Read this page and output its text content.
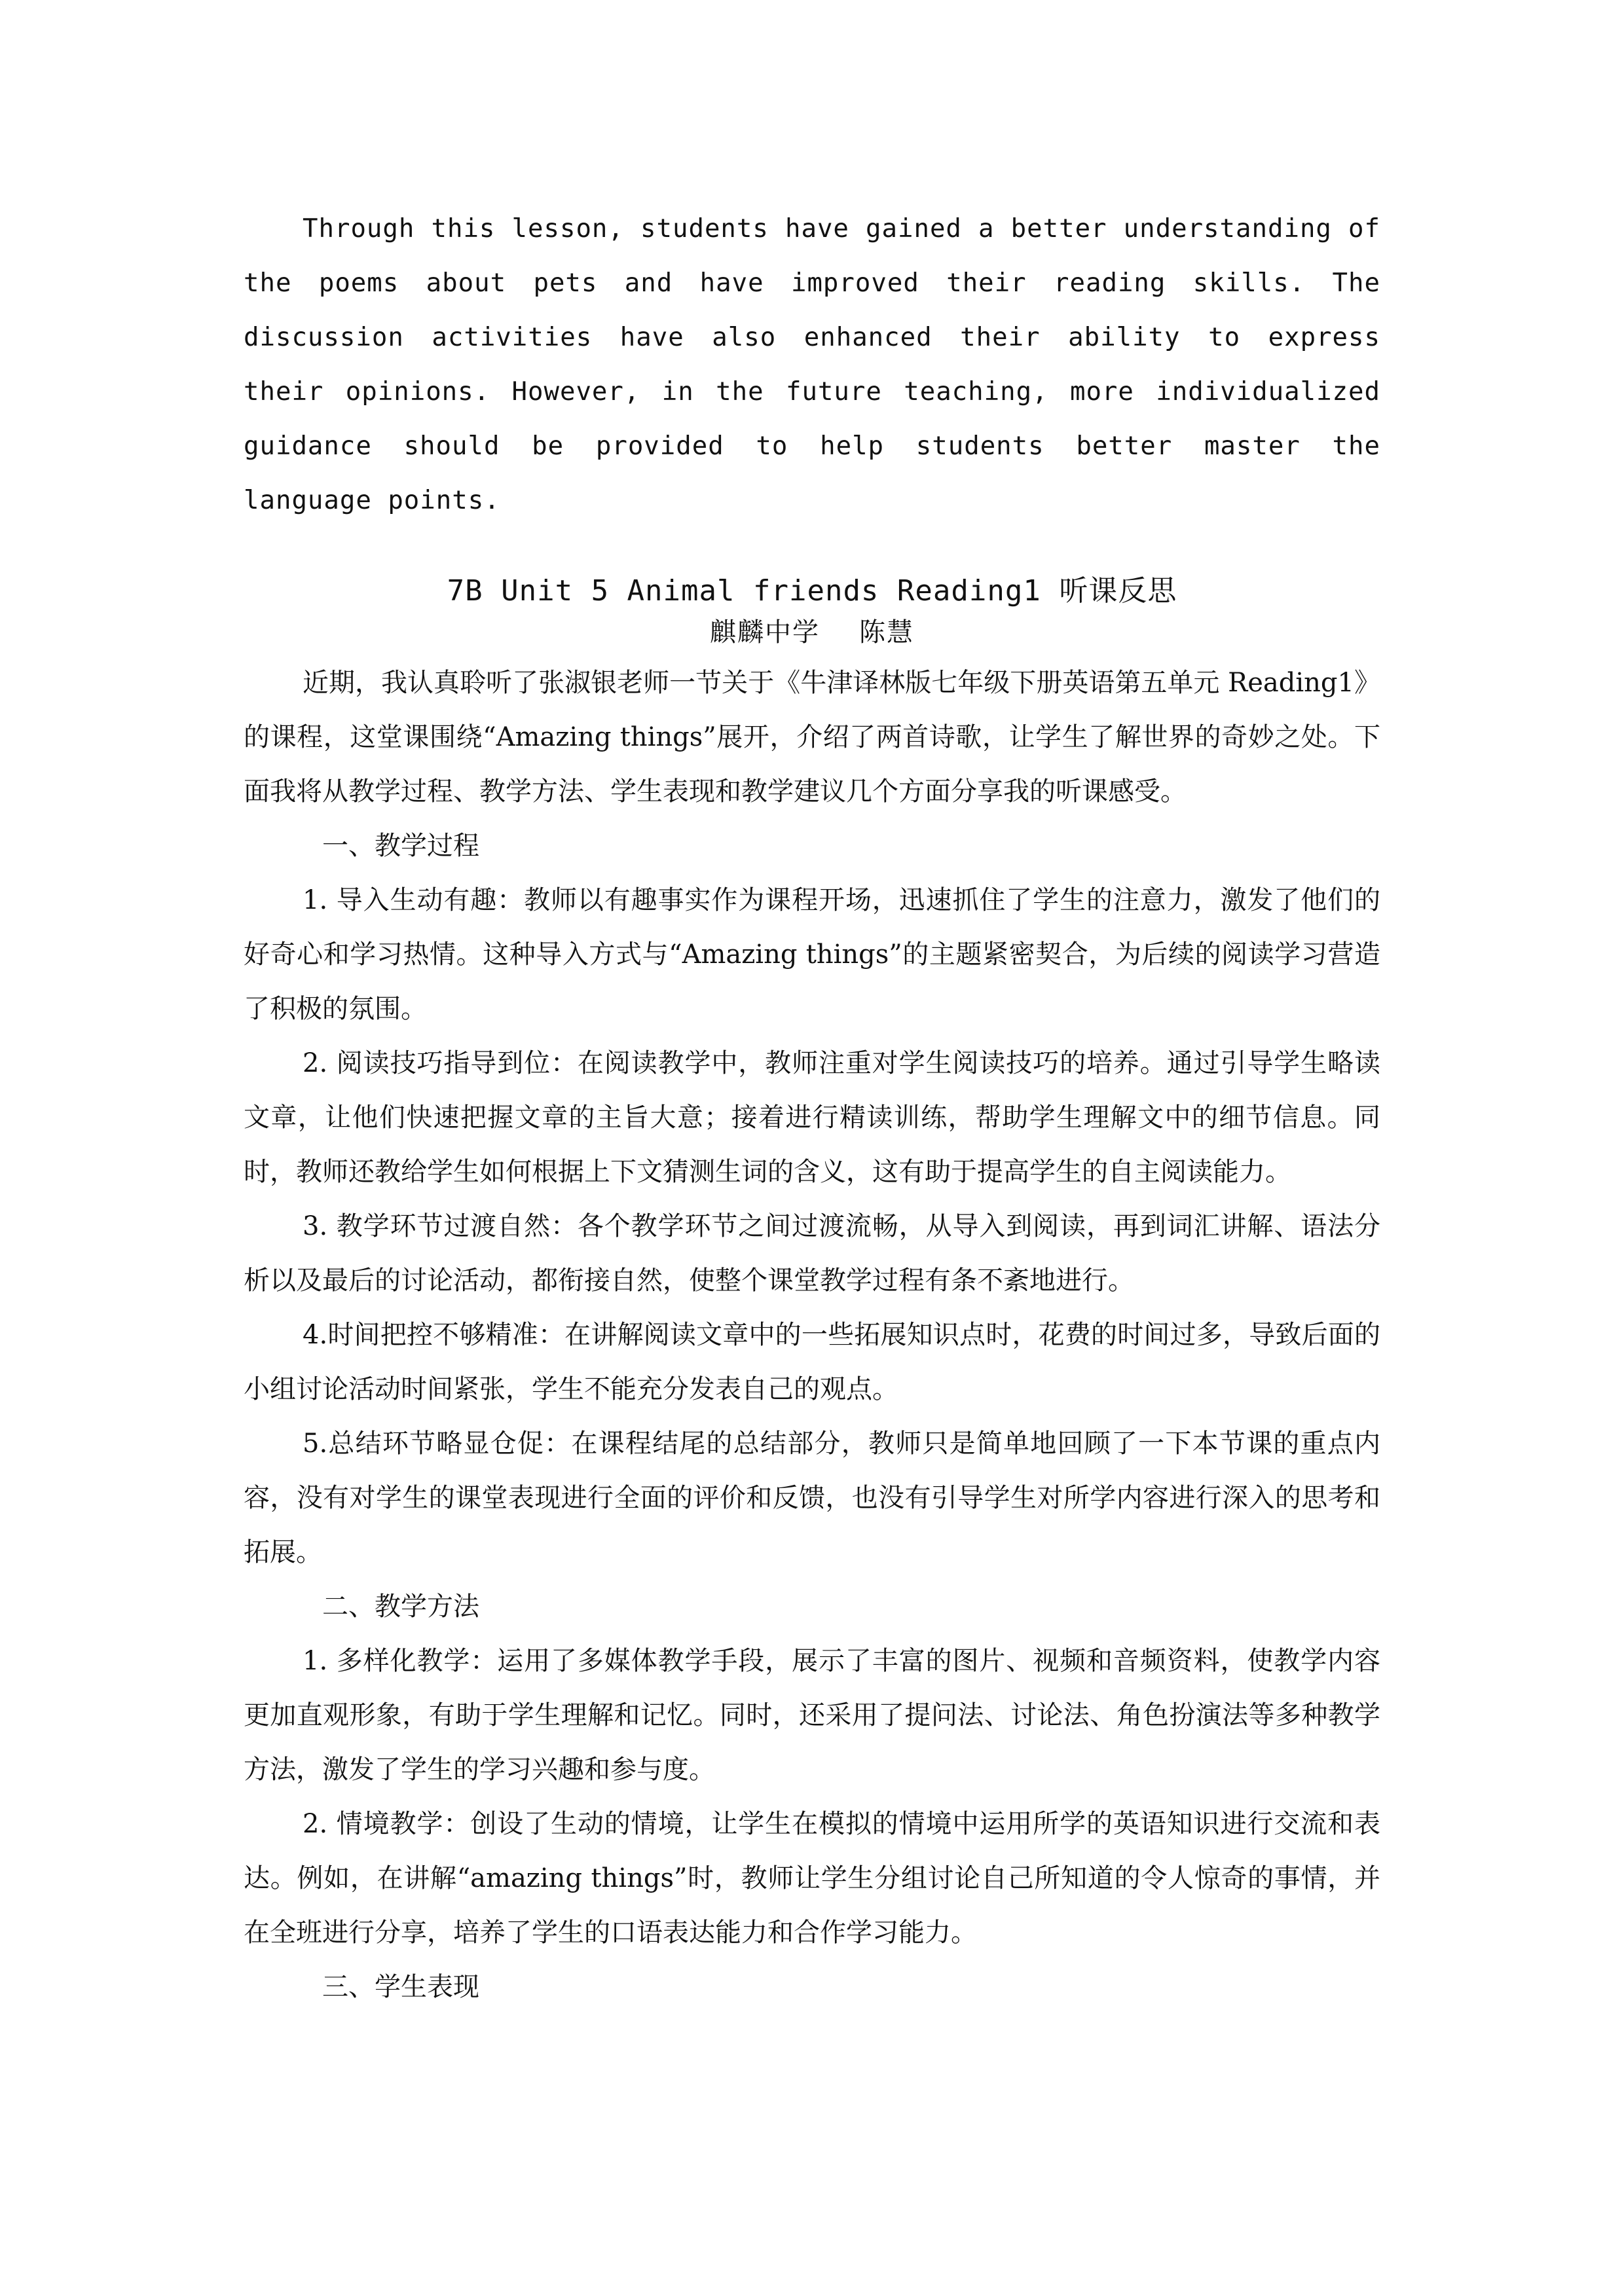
Through this lesson, students have gained a better understanding of the poems about pets and have improved their reading skills. The discussion activities have also enhanced their ability to express their opinions. However, in the future teaching, more individualized guidance should be provided to help students better master the language points.

7B Unit 5 Animal friends Reading1 听课反思
麒麟中学 陈慧

近期，我认真聆听了张淑银老师一节关于《牛津译林版七年级下册英语第五单元 Reading1》的课程，这堂课围绕“Amazing things”展开，介绍了两首诗歌，让学生了解世界的奇妙之处。下面我将从教学过程、教学方法、学生表现和教学建议几个方面分享我的听课感受。

一、教学过程

1. 导入生动有趣：教师以有趣事实作为课程开场，迅速抓住了学生的注意力，激发了他们的好奇心和学习热情。这种导入方式与“Amazing things”的主题紧密契合，为后续的阅读学习营造了积极的氛围。

2. 阅读技巧指导到位：在阅读教学中，教师注重对学生阅读技巧的培养。通过引导学生略读文章，让他们快速把握文章的主旨大意；接着进行精读训练，帮助学生理解文中的细节信息。同时，教师还教给学生如何根据上下文猜测生词的含义，这有助于提高学生的自主阅读能力。

3. 教学环节过渡自然：各个教学环节之间过渡流畅，从导入到阅读，再到词汇讲解、语法分析以及最后的讨论活动，都衔接自然，使整个课堂教学过程有条不紊地进行。

4.时间把控不够精准：在讲解阅读文章中的一些拓展知识点时，花费的时间过多，导致后面的小组讨论活动时间紧张，学生不能充分发表自己的观点。

5.总结环节略显仓促：在课程结尾的总结部分，教师只是简单地回顾了一下本节课的重点内容，没有对学生的课堂表现进行全面的评价和反馈，也没有引导学生对所学内容进行深入的思考和拓展。

二、教学方法

1. 多样化教学：运用了多媒体教学手段，展示了丰富的图片、视频和音频资料，使教学内容更加直观形象，有助于学生理解和记忆。同时，还采用了提问法、讨论法、角色扮演法等多种教学方法，激发了学生的学习兴趣和参与度。

2. 情境教学：创设了生动的情境，让学生在模拟的情境中运用所学的英语知识进行交流和表达。例如，在讲解“amazing things”时，教师让学生分组讨论自己所知道的令人惊奇的事情，并在全班进行分享，培养了学生的口语表达能力和合作学习能力。

三、学生表现
